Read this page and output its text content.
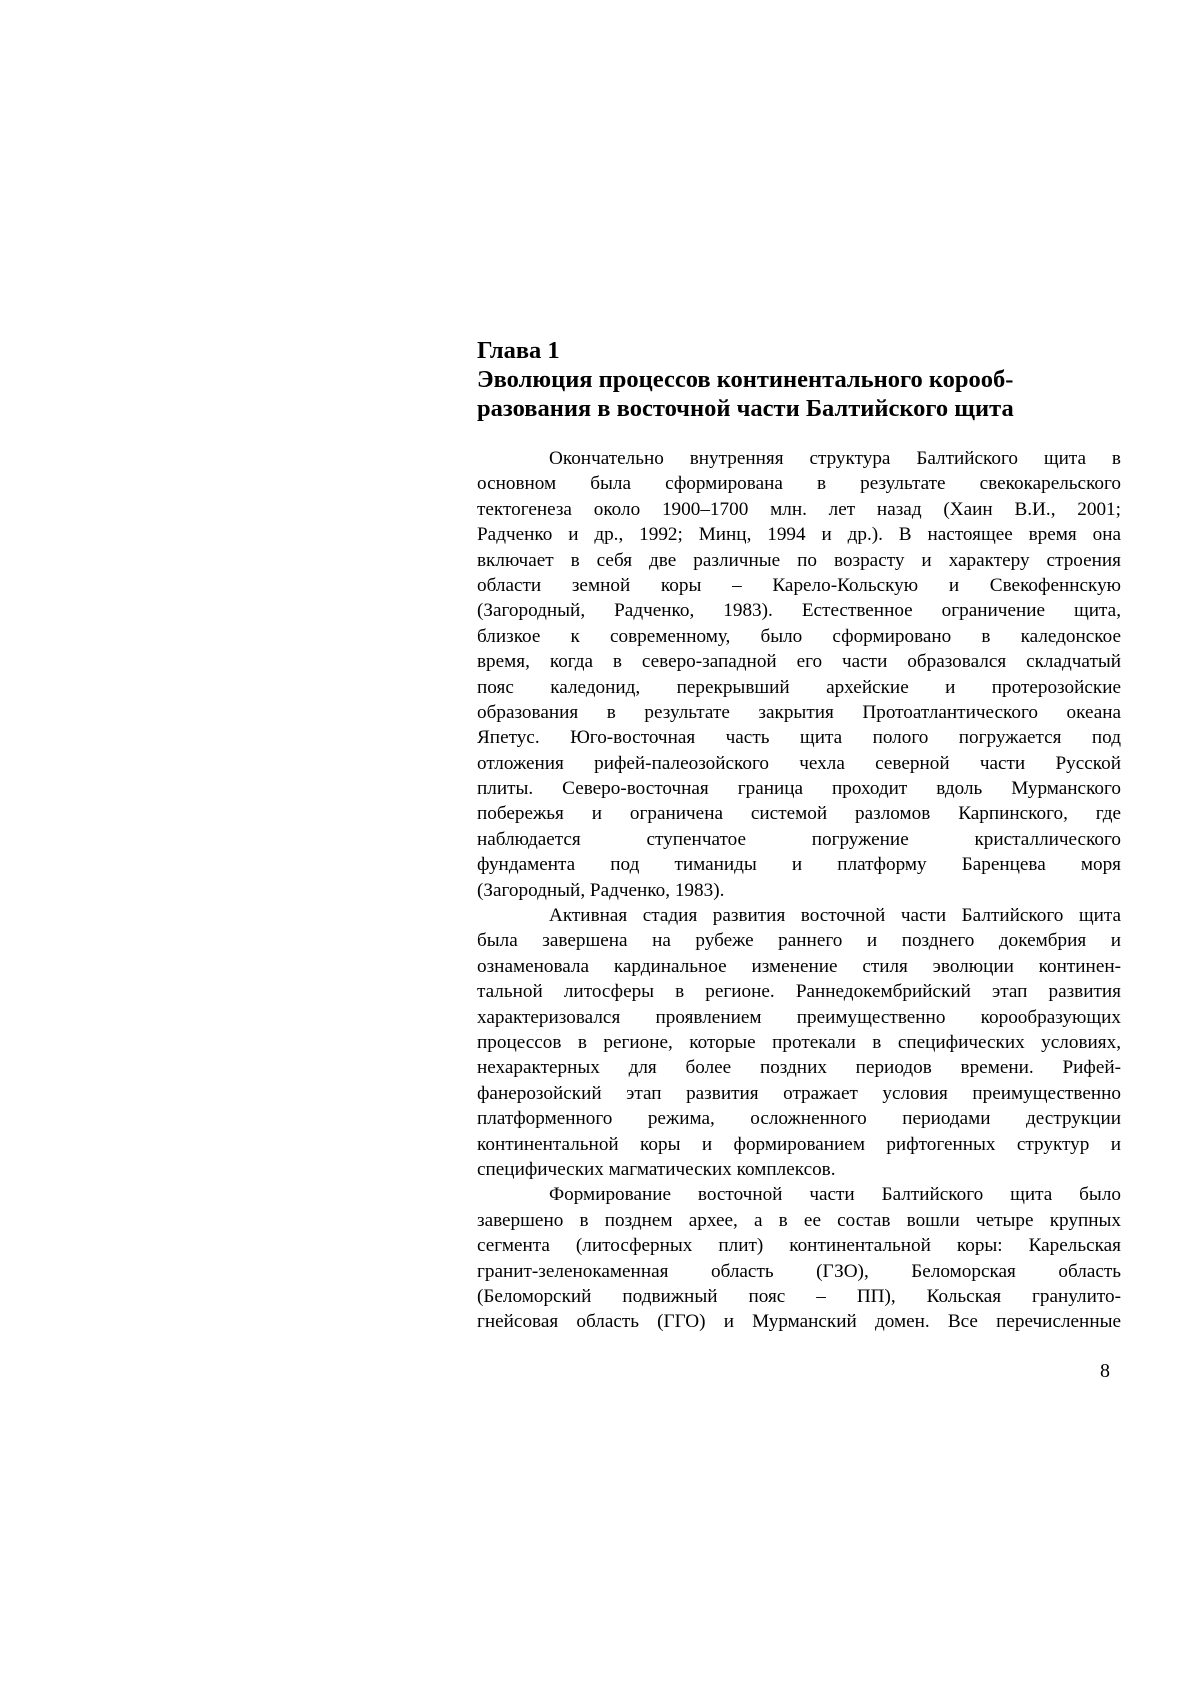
Глава 1
Эволюция процессов континентального корооб-
разования в восточной части Балтийского щита
Окончательно внутренняя структура Балтийского щита в
основном была сформирована в результате свекокарельского
тектогенеза около 1900–1700 млн. лет назад (Хаин В.И., 2001;
Радченко и др., 1992; Минц, 1994 и др.). В настоящее время она
включает в себя две различные по возрасту и характеру строения
области земной коры – Карело-Кольскую и Свекофеннскую
(Загородный, Радченко, 1983). Естественное ограничение щита,
близкое к современному, было сформировано в каледонское
время, когда в северо-западной его части образовался складчатый
пояс каледонид, перекрывший архейские и протерозойские
образования в результате закрытия Протоатлантического океана
Япетус. Юго-восточная часть щита полого погружается под
отложения рифей-палеозойского чехла северной части Русской
плиты. Северо-восточная граница проходит вдоль Мурманского
побережья и ограничена системой разломов Карпинского, где
наблюдается ступенчатое погружение кристаллического
фундамента под тиманиды и платформу Баренцева моря
(Загородный, Радченко, 1983).
Активная стадия развития восточной части Балтийского щита
была завершена на рубеже раннего и позднего докембрия и
ознаменовала кардинальное изменение стиля эволюции континен-
тальной литосферы в регионе. Раннедокембрийский этап развития
характеризовался проявлением преимущественно корообразующих
процессов в регионе, которые протекали в специфических условиях,
нехарактерных для более поздних периодов времени. Рифей-
фанерозойский этап развития отражает условия преимущественно
платформенного режима, осложненного периодами деструкции
континентальной коры и формированием рифтогенных структур и
специфических магматических комплексов.
Формирование восточной части Балтийского щита было
завершено в позднем архее, а в ее состав вошли четыре крупных
сегмента (литосферных плит) континентальной коры: Карельская
гранит-зеленокаменная область (ГЗО), Беломорская область
(Беломорский подвижный пояс – ПП), Кольская гранулито-
гнейсовая область (ГГО) и Мурманский домен. Все перечисленные
8
